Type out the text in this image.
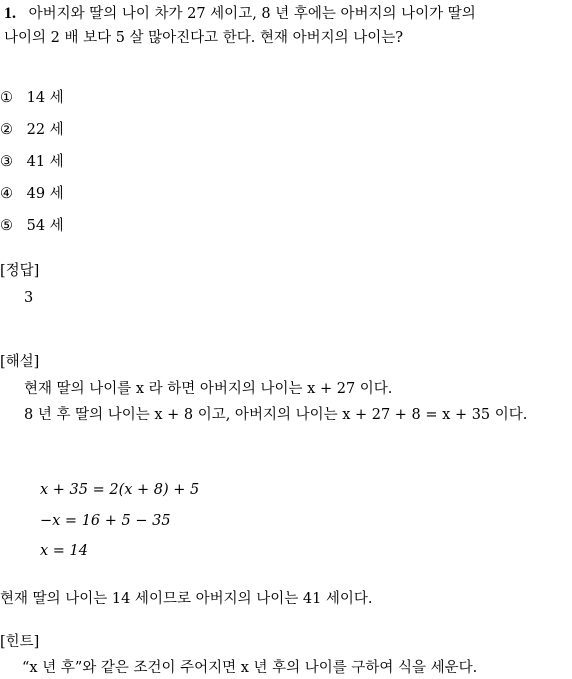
1. 아버지와 딸의 나이 차가 27 세이고, 8 년 후에는 아버지의 나이가 딸의
나이의 2 배 보다 5 살 많아진다고 한다. 현재 아버지의 나이는?
① 14 세
② 22 세
③ 41 세
④ 49 세
⑤ 54 세
[정답]
3
[해설]
현재 딸의 나이를 x 라 하면 아버지의 나이는 x + 27 이다.
8 년 후 딸의 나이는 x + 8 이고, 아버지의 나이는 x + 27 + 8 = x + 35 이다.
x + 35 = 2(x + 8) + 5
−x = 16 + 5 − 35
x = 14
현재 딸의 나이는 14 세이므로 아버지의 나이는 41 세이다.
[힌트]
“x 년 후”와 같은 조건이 주어지면 x 년 후의 나이를 구하여 식을 세운다.
